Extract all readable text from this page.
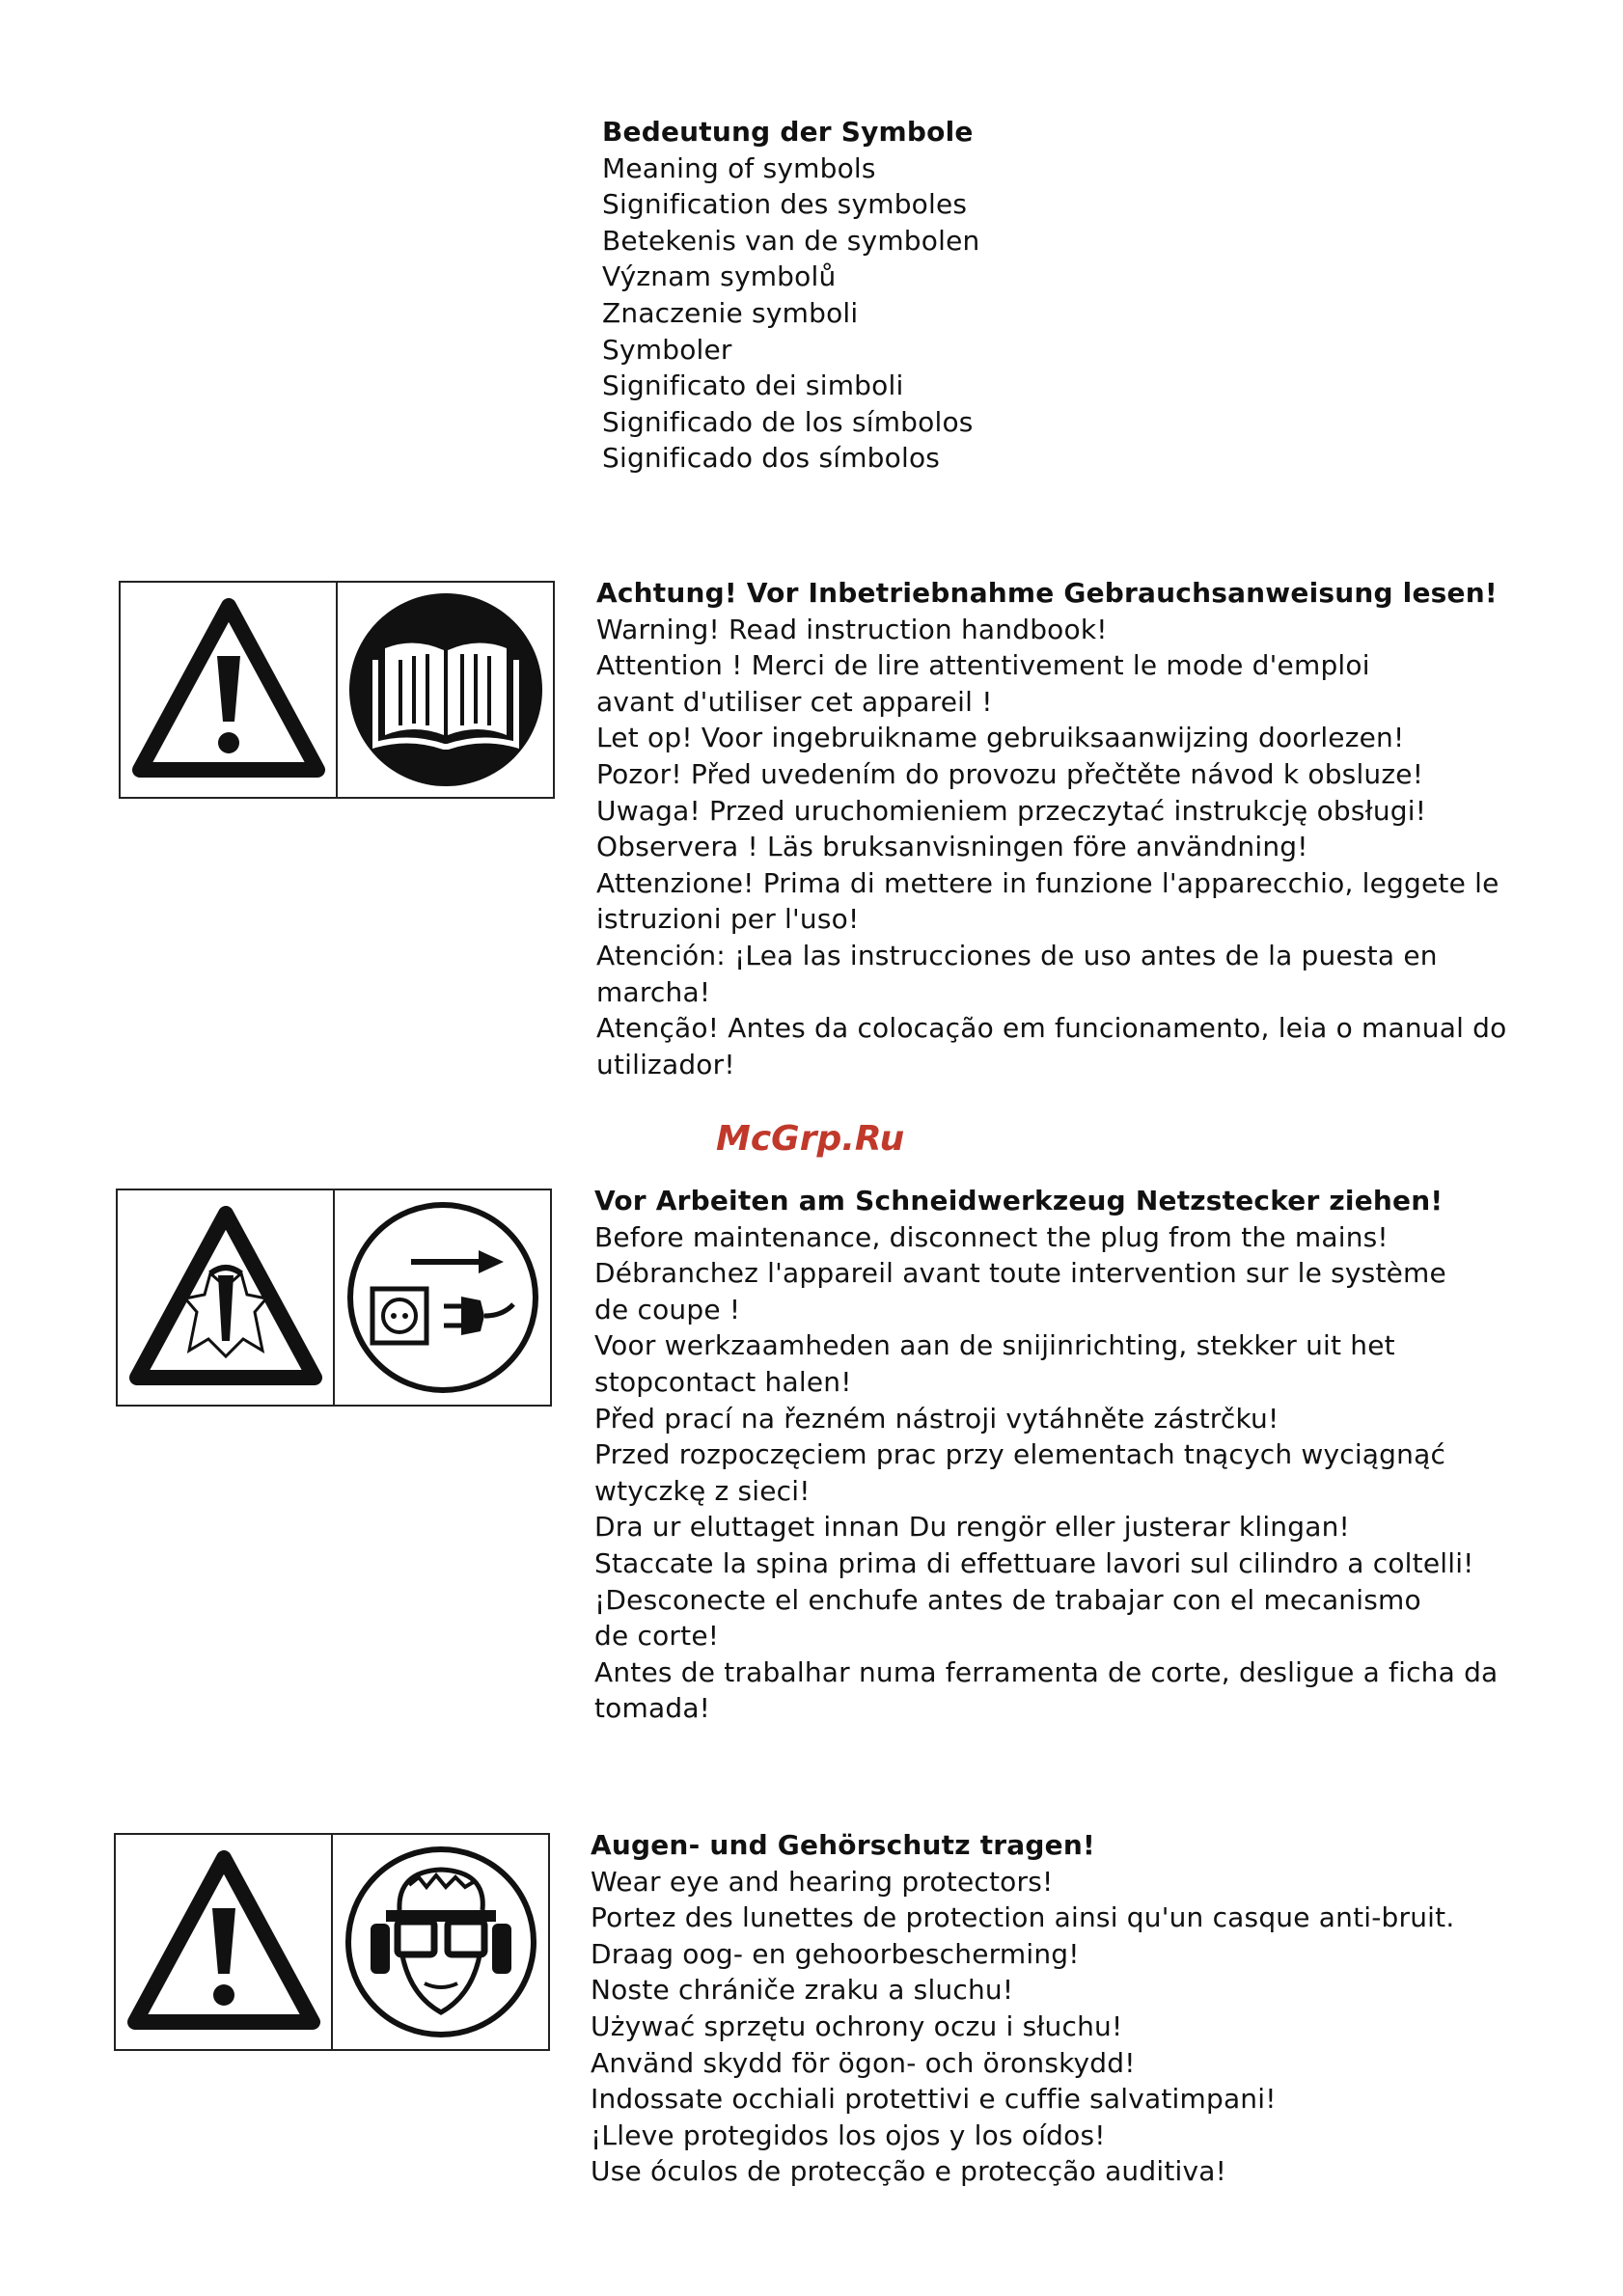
Bedeutung der Symbole
Meaning of symbols
Signification des symboles
Betekenis van de symbolen
Význam symbolů
Znaczenie symboli
Symboler
Significato dei simboli
Significado de los símbolos
Significado dos símbolos
Achtung! Vor Inbetriebnahme Gebrauchsanweisung lesen!
Warning! Read instruction handbook!
Attention ! Merci de lire attentivement le mode d'emploi
avant d'utiliser cet appareil !
Let op! Voor ingebruikname gebruiksaanwijzing doorlezen!
Pozor! Před uvedením do provozu přečtěte návod k obsluze!
Uwaga! Przed uruchomieniem przeczytać instrukcję obsługi!
Observera ! Läs bruksanvisningen före användning!
Attenzione! Prima di mettere in funzione l'apparecchio, leggete le
istruzioni per l'uso!
Atención: ¡Lea las instrucciones de uso antes de la puesta en
marcha!
Atenção! Antes da colocação em funcionamento, leia o manual do
utilizador!
McGrp.Ru
Vor Arbeiten am Schneidwerkzeug Netzstecker ziehen!
Before maintenance, disconnect the plug from the mains!
Débranchez l'appareil avant toute intervention sur le système
de coupe !
Voor werkzaamheden aan de snijinrichting, stekker uit het
stopcontact halen!
Před prací na řezném nástroji vytáhněte zástrčku!
Przed rozpoczęciem prac przy elementach tnących wyciągnąć
wtyczkę z sieci!
Dra ur eluttaget innan Du rengör eller justerar klingan!
Staccate la spina prima di effettuare lavori sul cilindro a coltelli!
¡Desconecte el enchufe antes de trabajar con el mecanismo
de corte!
Antes de trabalhar numa ferramenta de corte, desligue a ficha da
tomada!
Augen- und Gehörschutz tragen!
Wear eye and hearing protectors!
Portez des lunettes de protection ainsi qu'un casque anti-bruit.
Draag oog- en gehoorbescherming!
Noste chrániče zraku a sluchu!
Używać sprzętu ochrony oczu i słuchu!
Använd skydd för ögon- och öronskydd!
Indossate occhiali protettivi e cuffie salvatimpani!
¡Lleve protegidos los ojos y los oídos!
Use óculos de protecção e protecção auditiva!
